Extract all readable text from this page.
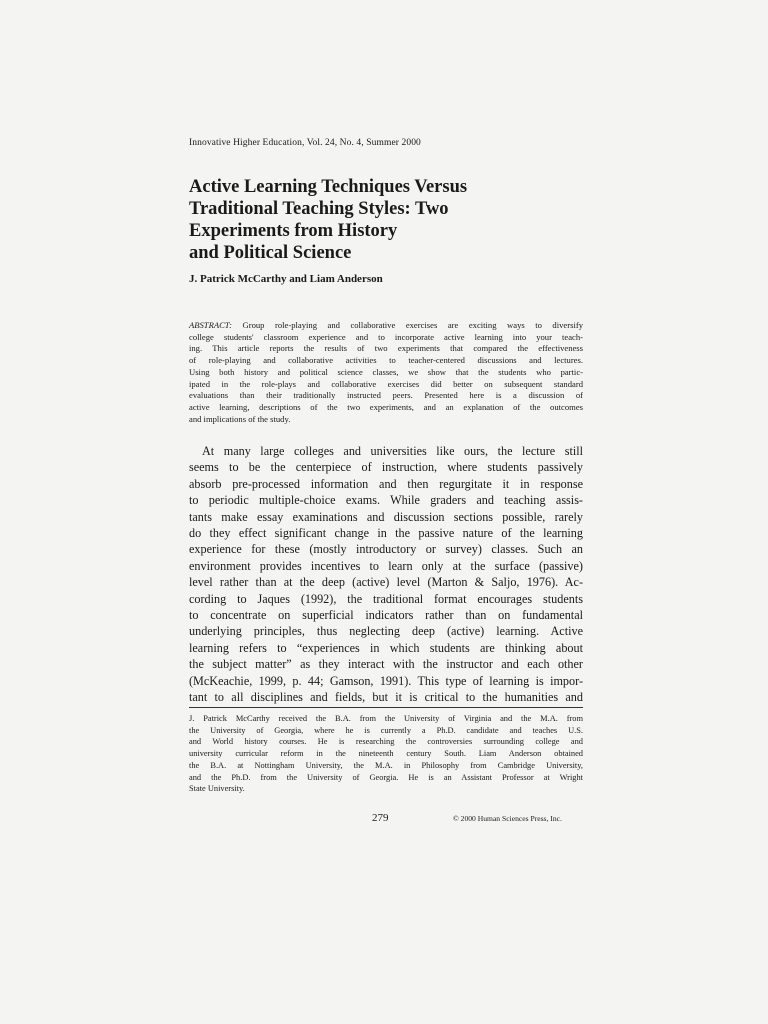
Innovative Higher Education, Vol. 24, No. 4, Summer 2000
Active Learning Techniques Versus
Traditional Teaching Styles: Two
Experiments from History
and Political Science
J. Patrick McCarthy and Liam Anderson
ABSTRACT: Group role-playing and collaborative exercises are exciting ways to diversify
college students' classroom experience and to incorporate active learning into your teach-
ing. This article reports the results of two experiments that compared the effectiveness
of role-playing and collaborative activities to teacher-centered discussions and lectures.
Using both history and political science classes, we show that the students who partic-
ipated in the role-plays and collaborative exercises did better on subsequent standard
evaluations than their traditionally instructed peers. Presented here is a discussion of
active learning, descriptions of the two experiments, and an explanation of the outcomes
and implications of the study.
At many large colleges and universities like ours, the lecture still
seems to be the centerpiece of instruction, where students passively
absorb pre-processed information and then regurgitate it in response
to periodic multiple-choice exams. While graders and teaching assis-
tants make essay examinations and discussion sections possible, rarely
do they effect significant change in the passive nature of the learning
experience for these (mostly introductory or survey) classes. Such an
environment provides incentives to learn only at the surface (passive)
level rather than at the deep (active) level (Marton & Saljo, 1976). Ac-
cording to Jaques (1992), the traditional format encourages students
to concentrate on superficial indicators rather than on fundamental
underlying principles, thus neglecting deep (active) learning. Active
learning refers to “experiences in which students are thinking about
the subject matter” as they interact with the instructor and each other
(McKeachie, 1999, p. 44; Gamson, 1991). This type of learning is impor-
tant to all disciplines and fields, but it is critical to the humanities and
J. Patrick McCarthy received the B.A. from the University of Virginia and the M.A. from
the University of Georgia, where he is currently a Ph.D. candidate and teaches U.S.
and World history courses. He is researching the controversies surrounding college and
university curricular reform in the nineteenth century South. Liam Anderson obtained
the B.A. at Nottingham University, the M.A. in Philosophy from Cambridge University,
and the Ph.D. from the University of Georgia. He is an Assistant Professor at Wright
State University.
279	© 2000 Human Sciences Press, Inc.
